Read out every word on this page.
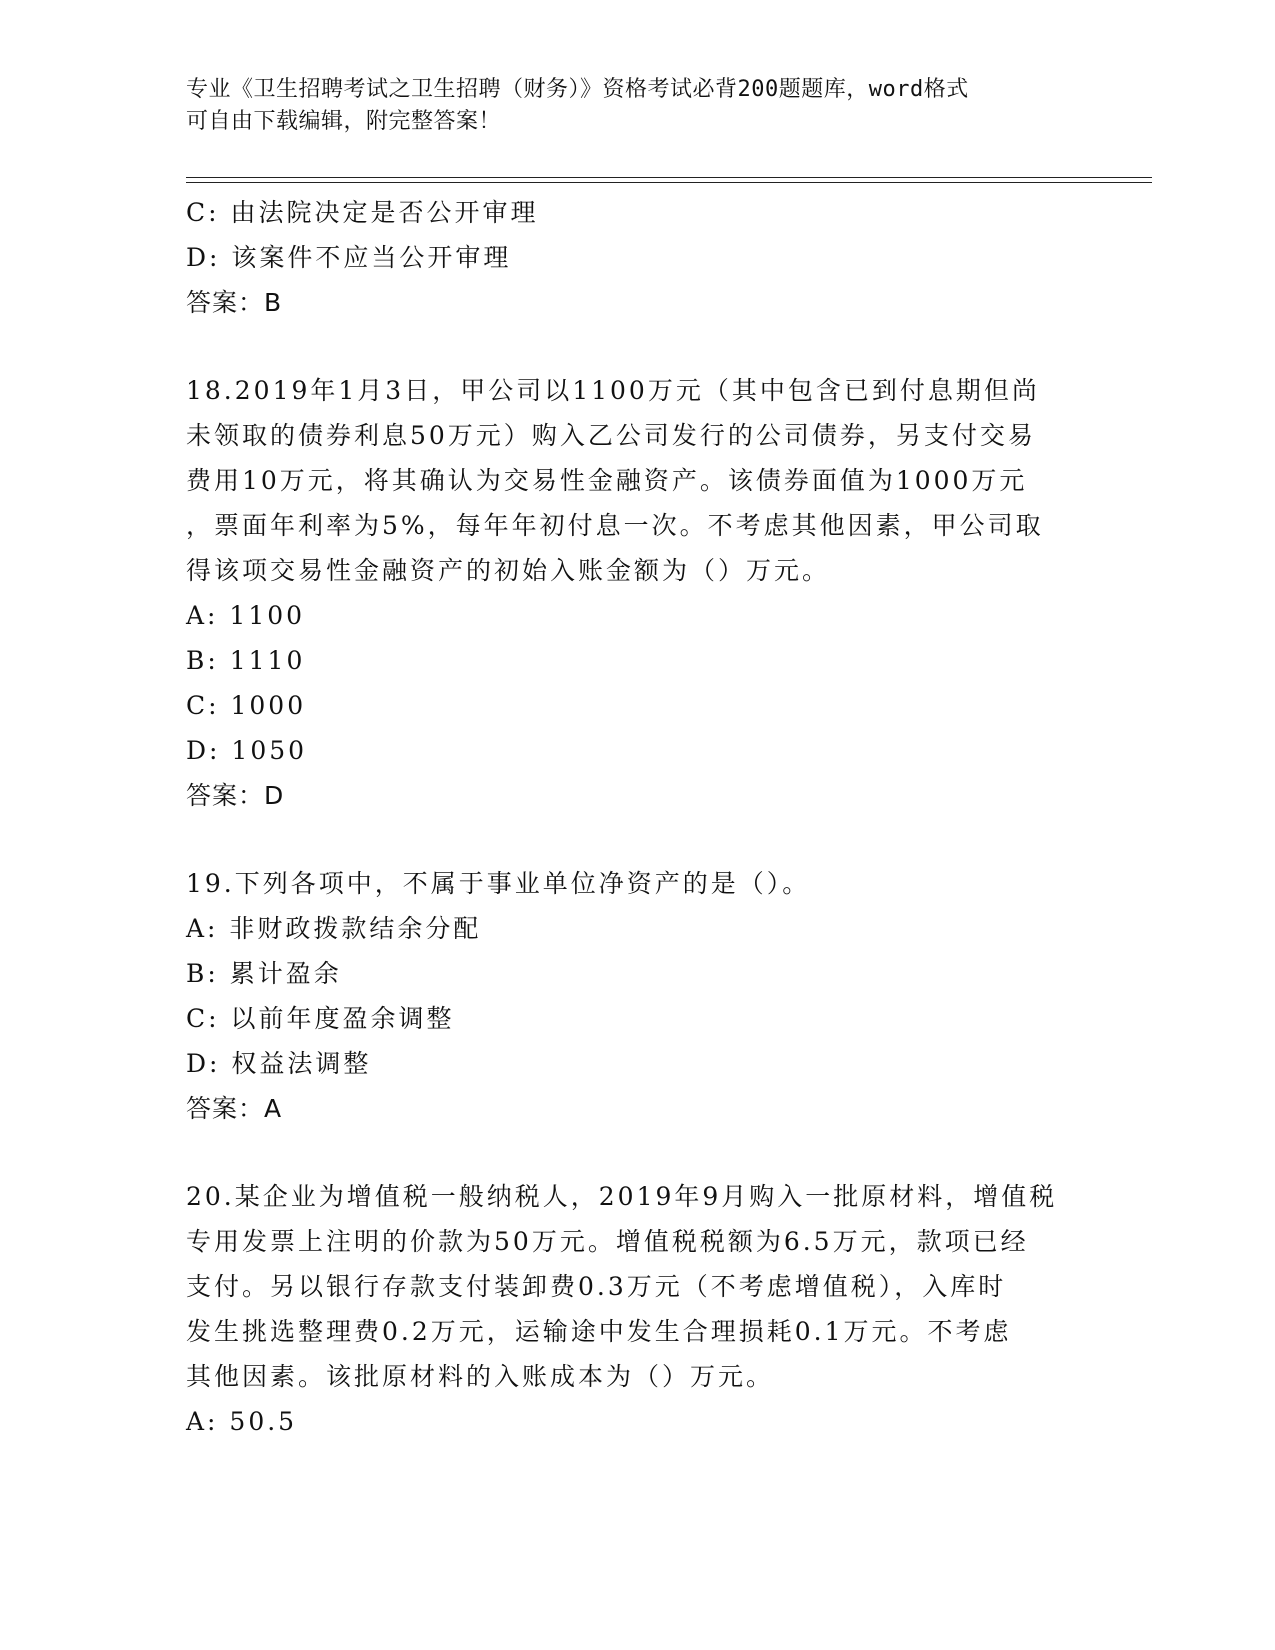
专业《卫生招聘考试之卫生招聘（财务）》资格考试必背200题题库，word格式
可自由下载编辑，附完整答案！
C: 由法院决定是否公开审理
D: 该案件不应当公开审理
答案：B
18.2019年1月3日，甲公司以1100万元（其中包含已到付息期但尚
未领取的债券利息50万元）购入乙公司发行的公司债券，另支付交易
费用10万元，将其确认为交易性金融资产。该债券面值为1000万元
，票面年利率为5%，每年年初付息一次。不考虑其他因素，甲公司取
得该项交易性金融资产的初始入账金额为（）万元。
A: 1100
B: 1110
C: 1000
D: 1050
答案：D
19.下列各项中，不属于事业单位净资产的是（）。
A: 非财政拨款结余分配
B: 累计盈余
C: 以前年度盈余调整
D: 权益法调整
答案：A
20.某企业为增值税一般纳税人，2019年9月购入一批原材料，增值税
专用发票上注明的价款为50万元。增值税税额为6.5万元，款项已经
支付。另以银行存款支付装卸费0.3万元（不考虑增值税），入库时
发生挑选整理费0.2万元，运输途中发生合理损耗0.1万元。不考虑
其他因素。该批原材料的入账成本为（）万元。
A: 50.5
